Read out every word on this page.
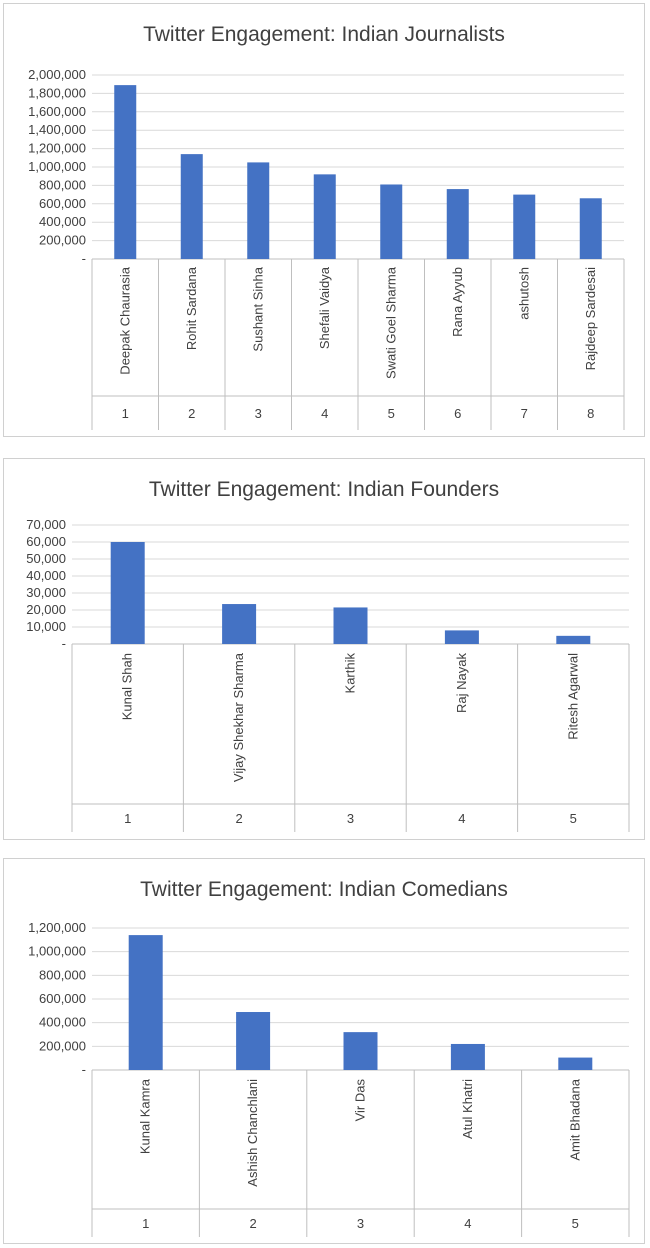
Twitter Engagement: Indian Journalists
-
200,000
400,000
600,000
800,000
1,000,000
1,200,000
1,400,000
1,600,000
1,800,000
2,000,000
Deepak Chaurasia
1
Rohit Sardana
2
Sushant Sinha
3
Shefali Vaidya
4
Swati Goel Sharma
5
Rana Ayyub
6
ashutosh
7
Rajdeep Sardesai
8
Twitter Engagement: Indian Founders
-
10,000
20,000
30,000
40,000
50,000
60,000
70,000
Kunal Shah
1
Vijay Shekhar Sharma
2
Karthik
3
Raj Nayak
4
Ritesh Agarwal
5
Twitter Engagement: Indian Comedians
-
200,000
400,000
600,000
800,000
1,000,000
1,200,000
Kunal Kamra
1
Ashish Chanchlani
2
Vir Das
3
Atul Khatri
4
Amit Bhadana
5
